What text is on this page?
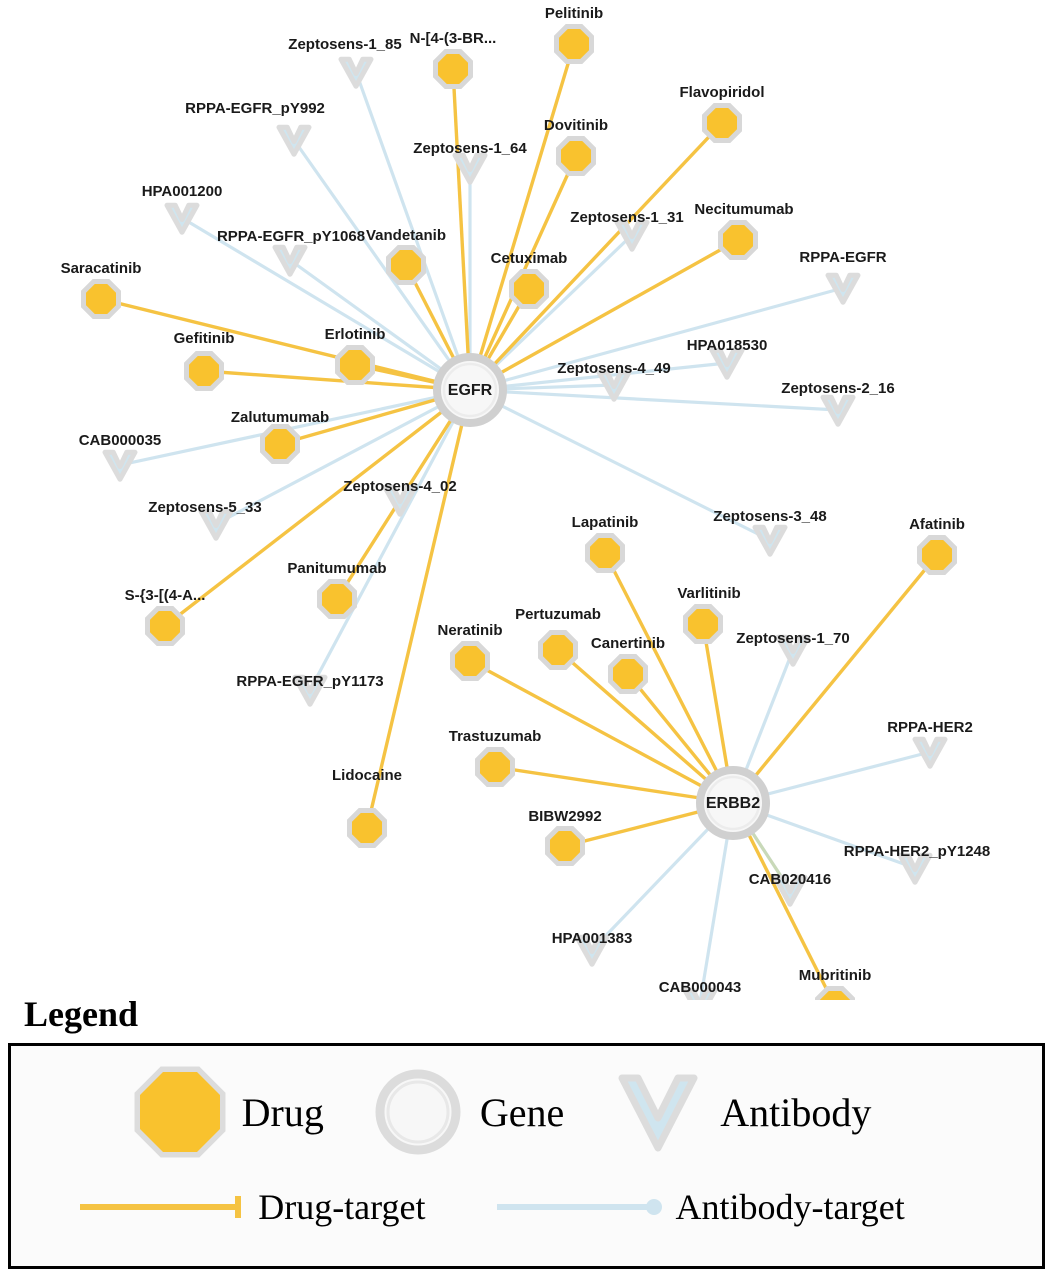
EGFR
ERBB2
Zeptosens-1_85
RPPA-EGFR_pY992
Zeptosens-1_64
HPA001200
Zeptosens-1_31
RPPA-EGFR_pY1068
RPPA-EGFR
HPA018530
Zeptosens-4_49
Zeptosens-2_16
CAB000035
Zeptosens-4_02
Zeptosens-5_33
Zeptosens-3_48
Zeptosens-1_70
RPPA-EGFR_pY1173
RPPA-HER2
RPPA-HER2_pY1248
CAB020416
HPA001383
CAB000043
Pelitinib
N-[4-(3-BR...
Flavopiridol
Dovitinib
Necitumumab
Vandetanib
Cetuximab
Saracatinib
Gefitinib	Erlotinib
Zalutumumab
Lapatinib	Afatinib
Panitumumab
Varlitinib
S-{3-[(4-A...
Pertuzumab
Neratinib
Canertinib
Trastuzumab
Lidocaine
BIBW2992
Mubritinib
Legend
Drug	Gene	Antibody
Drug-target	Antibody-target
